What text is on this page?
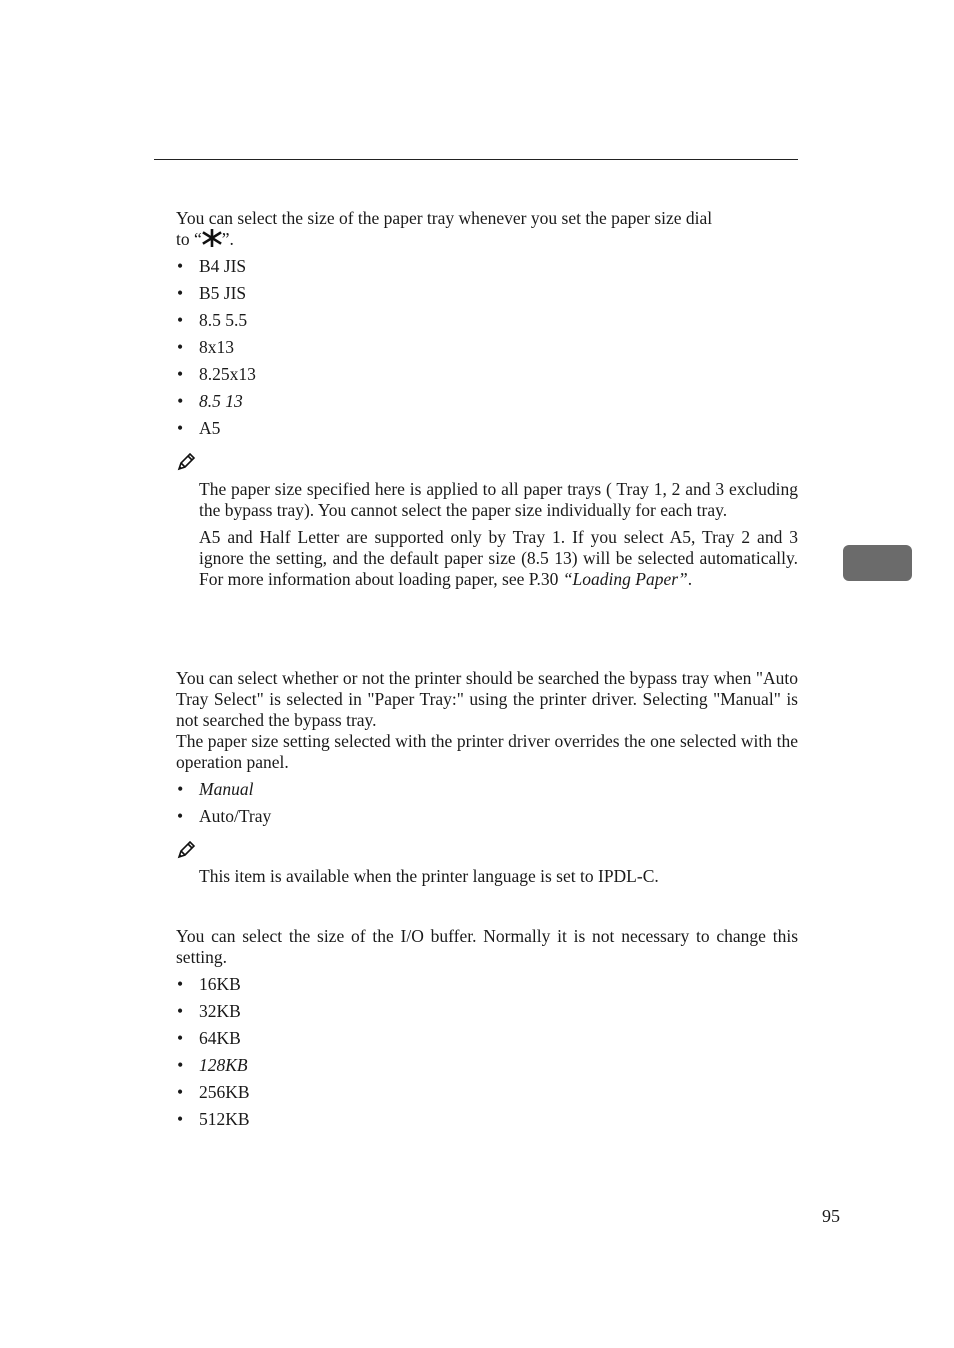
You can select the size of the paper tray whenever you set the paper size dial
to “ ”.

• B4 JIS
• B5 JIS
• 8.5 5.5
• 8x13
• 8.25x13
• 8.5 13
• A5

The paper size specified here is applied to all paper trays ( Tray 1, 2 and 3 excluding the bypass tray). You cannot select the paper size individually for each tray.

A5 and Half Letter are supported only by Tray 1. If you select A5, Tray 2 and 3 ignore the setting, and the default paper size (8.5 13) will be selected automatically. For more information about loading paper, see P.30 “Loading Paper”.

You can select whether or not the printer should be searched the bypass tray when "Auto Tray Select" is selected in "Paper Tray:" using the printer driver. Selecting "Manual" is not searched the bypass tray.

The paper size setting selected with the printer driver overrides the one selected with the operation panel.

• Manual
• Auto/Tray

This item is available when the printer language is set to IPDL-C.

You can select the size of the I/O buffer. Normally it is not necessary to change this setting.

• 16KB
• 32KB
• 64KB
• 128KB
• 256KB
• 512KB
95
